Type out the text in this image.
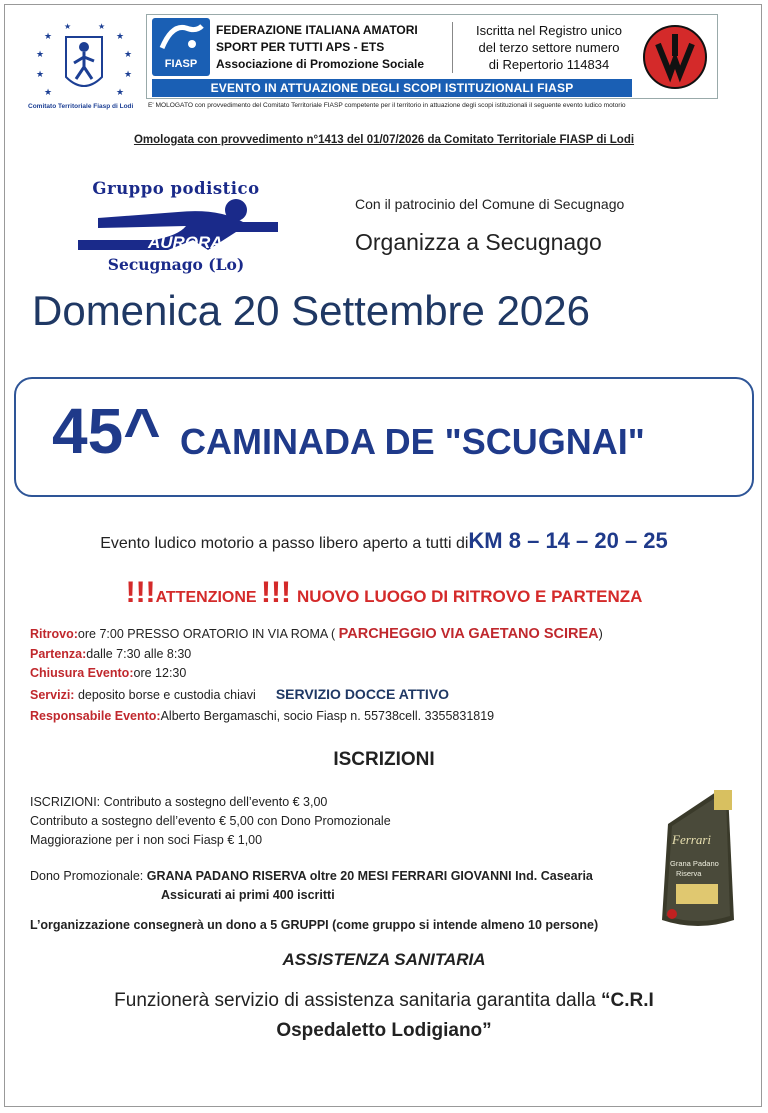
★	★
★	★
★	★
★	★
★	★
Comitato Territoriale Fiasp di Lodi
FIASP
FEDERAZIONE ITALIANA AMATORI
SPORT PER TUTTI APS - ETS
Associazione di Promozione Sociale
Iscritta nel Registro unico
del terzo settore numero
di Repertorio 114834
EVENTO IN ATTUAZIONE DEGLI SCOPI ISTITUZIONALI FIASP
E' MOLOGATO con provvedimento del Comitato Territoriale FIASP competente per il territorio in attuazione degli scopi istituzionali il seguente evento ludico motorio
Omologata con provvedimento n°1413 del 01/07/2026 da Comitato Territoriale FIASP di Lodi
Gruppo podistico
AURORA
Secugnago (Lo)
Con il patrocinio del Comune di Secugnago
Organizza a Secugnago
Domenica 20 Settembre 2026
45^ CAMINADA DE "SCUGNAI"
Evento ludico motorio a passo libero aperto a tutti diKM 8 – 14 – 20 – 25
!!!ATTENZIONE !!! NUOVO LUOGO DI RITROVO E PARTENZA
Ritrovo:ore 7:00 PRESSO ORATORIO IN VIA ROMA ( PARCHEGGIO VIA GAETANO SCIREA)
Partenza:dalle 7:30 alle 8:30
Chiusura Evento:ore 12:30
Servizi: deposito borse e custodia chiavi SERVIZIO DOCCE ATTIVO
Responsabile Evento:Alberto Bergamaschi, socio Fiasp n. 55738cell. 3355831819
ISCRIZIONI
ISCRIZIONI: Contributo a sostegno dell’evento € 3,00
Contributo a sostegno dell’evento € 5,00 con Dono Promozionale
Maggiorazione per i non soci Fiasp € 1,00
Dono Promozionale: GRANA PADANO RISERVA oltre 20 MESI FERRARI GIOVANNI Ind. Casearia
Assicurati ai primi 400 iscritti
L’organizzazione consegnerà un dono a 5 GRUPPI (come gruppo si intende almeno 10 persone)
Ferrari
Grana Padano
Riserva
ASSISTENZA SANITARIA
Funzionerà servizio di assistenza sanitaria garantita dalla “C.R.I
Ospedaletto Lodigiano”
